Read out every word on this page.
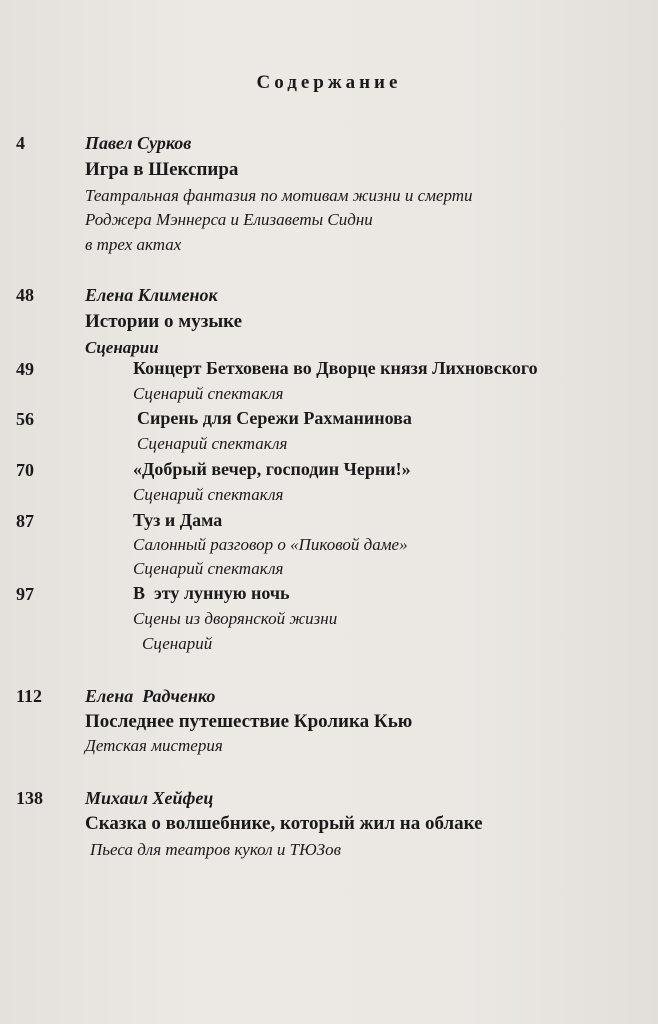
Содержание
4	Павел Сурков
Игра в Шекспира
Театральная фантазия по мотивам жизни и смерти
Роджера Мэннерса и Елизаветы Сидни
в трех актах
48	Елена Клименок
Истории о музыке
Сценарии
49	Концерт Бетховена во Дворце князя Лихновского
Сценарий спектакля
56	Сирень для Сережи Рахманинова
Сценарий спектакля
70	«Добрый вечер, господин Черни!»
Сценарий спектакля
87	Туз и Дама
Салонный разговор о «Пиковой даме»
Сценарий спектакля
97	В  эту лунную ночь
Сцены из дворянской жизни
Сценарий
112 Елена  Радченко
Последнее путешествие Кролика Кью
Детская мистерия
138 Михаил Хейфец
Сказка о волшебнике, который жил на облаке
Пьеса для театров кукол и ТЮЗов
